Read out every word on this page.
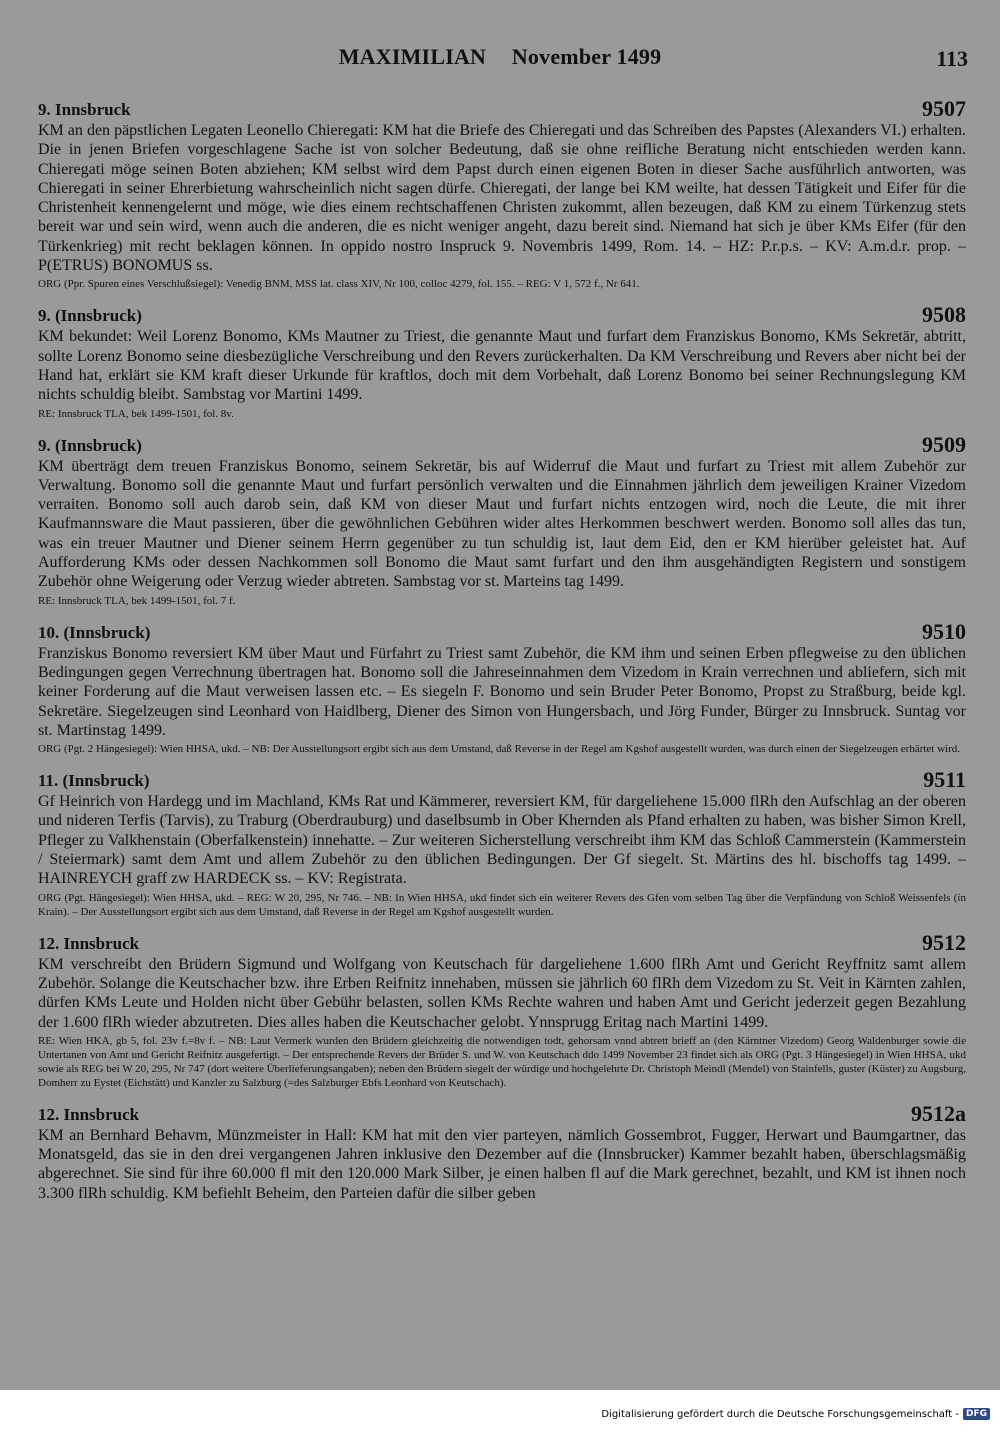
MAXIMILIAN November 1499	113
9. Innsbruck	9507
KM an den päpstlichen Legaten Leonello Chieregati: KM hat die Briefe des Chieregati und das Schreiben des Papstes (Alexanders VI.) erhalten. Die in jenen Briefen vorgeschlagene Sache ist von solcher Bedeutung, daß sie ohne reifliche Beratung nicht entschieden werden kann. Chieregati möge seinen Boten abziehen; KM selbst wird dem Papst durch einen eigenen Boten in dieser Sache ausführlich antworten, was Chieregati in seiner Ehrerbietung wahrscheinlich nicht sagen dürfe. Chieregati, der lange bei KM weilte, hat dessen Tätigkeit und Eifer für die Christenheit kennengelernt und möge, wie dies einem rechtschaffenen Christen zukommt, allen bezeugen, daß KM zu einem Türkenzug stets bereit war und sein wird, wenn auch die anderen, die es nicht weniger angeht, dazu bereit sind. Niemand hat sich je über KMs Eifer (für den Türkenkrieg) mit recht beklagen können. In oppido nostro Inspruck 9. Novembris 1499, Rom. 14. – HZ: P.r.p.s. – KV: A.m.d.r. prop. – P(ETRUS) BONOMUS ss.
ORG (Ppr. Spuren eines Verschlußsiegel): Venedig BNM, MSS lat. class XIV, Nr 100, colloc 4279, fol. 155. – REG: V 1, 572 f., Nr 641.
9. (Innsbruck)	9508
KM bekundet: Weil Lorenz Bonomo, KMs Mautner zu Triest, die genannte Maut und furfart dem Franziskus Bonomo, KMs Sekretär, abtritt, sollte Lorenz Bonomo seine diesbezügliche Verschreibung und den Revers zurückerhalten. Da KM Verschreibung und Revers aber nicht bei der Hand hat, erklärt sie KM kraft dieser Urkunde für kraftlos, doch mit dem Vorbehalt, daß Lorenz Bonomo bei seiner Rechnungslegung KM nichts schuldig bleibt. Sambstag vor Martini 1499.
RE: Innsbruck TLA, bek 1499-1501, fol. 8v.
9. (Innsbruck)	9509
KM überträgt dem treuen Franziskus Bonomo, seinem Sekretär, bis auf Widerruf die Maut und furfart zu Triest mit allem Zubehör zur Verwaltung. Bonomo soll die genannte Maut und furfart persönlich verwalten und die Einnahmen jährlich dem jeweiligen Krainer Vizedom verraiten. Bonomo soll auch darob sein, daß KM von dieser Maut und furfart nichts entzogen wird, noch die Leute, die mit ihrer Kaufmannsware die Maut passieren, über die gewöhnlichen Gebühren wider altes Herkommen beschwert werden. Bonomo soll alles das tun, was ein treuer Mautner und Diener seinem Herrn gegenüber zu tun schuldig ist, laut dem Eid, den er KM hierüber geleistet hat. Auf Aufforderung KMs oder dessen Nachkommen soll Bonomo die Maut samt furfart und den ihm ausgehändigten Registern und sonstigem Zubehör ohne Weigerung oder Verzug wieder abtreten. Sambstag vor st. Marteins tag 1499.
RE: Innsbruck TLA, bek 1499-1501, fol. 7 f.
10. (Innsbruck)	9510
Franziskus Bonomo reversiert KM über Maut und Fürfahrt zu Triest samt Zubehör, die KM ihm und seinen Erben pflegweise zu den üblichen Bedingungen gegen Verrechnung übertragen hat. Bonomo soll die Jahreseinnahmen dem Vizedom in Krain verrechnen und abliefern, sich mit keiner Forderung auf die Maut verweisen lassen etc. – Es siegeln F. Bonomo und sein Bruder Peter Bonomo, Propst zu Straßburg, beide kgl. Sekretäre. Siegelzeugen sind Leonhard von Haidlberg, Diener des Simon von Hungersbach, und Jörg Funder, Bürger zu Innsbruck. Suntag vor st. Martinstag 1499.
ORG (Pgt. 2 Hängesiegel): Wien HHSA, ukd. – NB: Der Ausstellungsort ergibt sich aus dem Umstand, daß Reverse in der Regel am Kgshof ausgestellt wurden, was durch einen der Siegelzeugen erhärtet wird.
11. (Innsbruck)	9511
Gf Heinrich von Hardegg und im Machland, KMs Rat und Kämmerer, reversiert KM, für dargeliehene 15.000 flRh den Aufschlag an der oberen und nideren Terfis (Tarvis), zu Traburg (Oberdrauburg) und daselbsumb in Ober Khernden als Pfand erhalten zu haben, was bisher Simon Krell, Pfleger zu Valkhenstain (Oberfalkenstein) innehatte. – Zur weiteren Sicherstellung verschreibt ihm KM das Schloß Cammerstein (Kammerstein / Steiermark) samt dem Amt und allem Zubehör zu den üblichen Bedingungen. Der Gf siegelt. St. Märtins des hl. bischoffs tag 1499. – HAINREYCH graff zw HARDECK ss. – KV: Registrata.
ORG (Pgt. Hängesiegel): Wien HHSA, ukd. – REG: W 20, 295, Nr 746. – NB: In Wien HHSA, ukd findet sich ein weiterer Revers des Gfen vom selben Tag über die Verpfändung von Schloß Weissenfels (in Krain). – Der Ausstellungsort ergibt sich aus dem Umstand, daß Reverse in der Regel am Kgshof ausgestellt wurden.
12. Innsbruck	9512
KM verschreibt den Brüdern Sigmund und Wolfgang von Keutschach für dargeliehene 1.600 flRh Amt und Gericht Reyffnitz samt allem Zubehör. Solange die Keutschacher bzw. ihre Erben Reifnitz innehaben, müssen sie jährlich 60 flRh dem Vizedom zu St. Veit in Kärnten zahlen, dürfen KMs Leute und Holden nicht über Gebühr belasten, sollen KMs Rechte wahren und haben Amt und Gericht jederzeit gegen Bezahlung der 1.600 flRh wieder abzutreten. Dies alles haben die Keutschacher gelobt. Ynnsprugg Eritag nach Martini 1499.
RE: Wien HKA, gb 5, fol. 23v f.=8v f. – NB: Laut Vermerk wurden den Brüdern gleichzeitig die notwendigen todt, gehorsam vnnd abtrett brieff an (den Kärntner Vizedom) Georg Waldenburger sowie die Untertanen von Amt und Gericht Reifnitz ausgefertigt. – Der entsprechende Revers der Brüder S. und W. von Keutschach ddo 1499 November 23 findet sich als ORG (Pgt. 3 Hängesiegel) in Wien HHSA, ukd sowie als REG bei W 20, 295, Nr 747 (dort weitere Überlieferungsangaben); neben den Brüdern siegelt der würdige und hochgelehrte Dr. Christoph Meindl (Mendel) von Stainfells, guster (Küster) zu Augsburg, Domherr zu Eystet (Eichstätt) und Kanzler zu Salzburg (=des Salzburger Ebfs Leonhard von Keutschach).
12. Innsbruck	9512a
KM an Bernhard Behavm, Münzmeister in Hall: KM hat mit den vier parteyen, nämlich Gossembrot, Fugger, Herwart und Baumgartner, das Monatsgeld, das sie in den drei vergangenen Jahren inklusive den Dezember auf die (Innsbrucker) Kammer bezahlt haben, überschlagsmäßig abgerechnet. Sie sind für ihre 60.000 fl mit den 120.000 Mark Silber, je einen halben fl auf die Mark gerechnet, bezahlt, und KM ist ihnen noch 3.300 flRh schuldig. KM befiehlt Beheim, den Parteien dafür die silber geben
Digitalisierung gefördert durch die Deutsche Forschungsgemeinschaft - DFG
